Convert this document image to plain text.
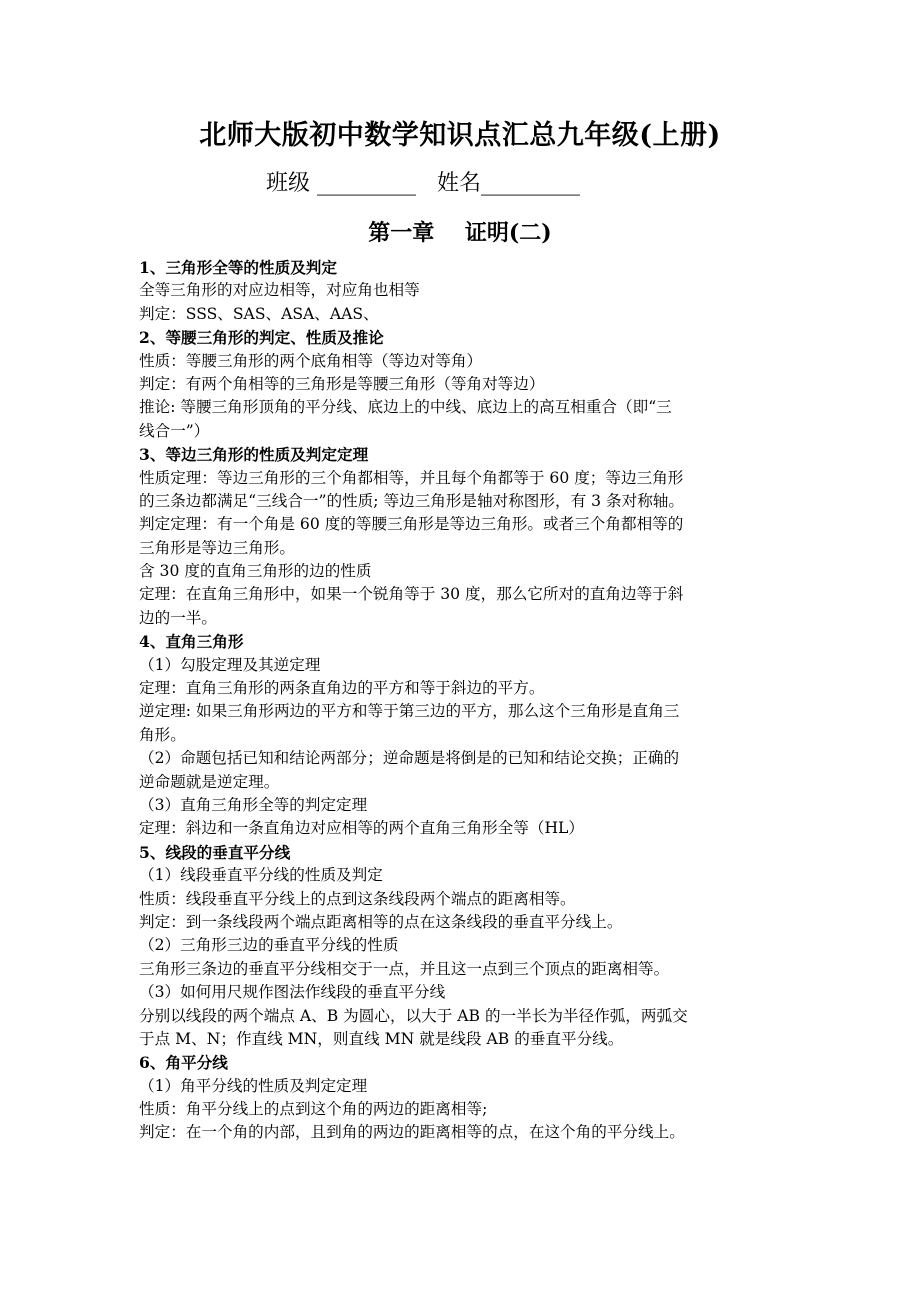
北师大版初中数学知识点汇总九年级(上册)
班级 _________   姓名_________
第一章    证明(二)
1、三角形全等的性质及判定
全等三角形的对应边相等，对应角也相等
判定：SSS、SAS、ASA、AAS、
2、等腰三角形的判定、性质及推论
性质：等腰三角形的两个底角相等（等边对等角）
判定：有两个角相等的三角形是等腰三角形（等角对等边）
推论: 等腰三角形顶角的平分线、底边上的中线、底边上的高互相重合（即“三
线合一”）
3、等边三角形的性质及判定定理
性质定理：等边三角形的三个角都相等，并且每个角都等于 60 度；等边三角形
的三条边都满足“三线合一”的性质; 等边三角形是轴对称图形，有 3 条对称轴。
判定定理：有一个角是 60 度的等腰三角形是等边三角形。或者三个角都相等的
三角形是等边三角形。
含 30 度的直角三角形的边的性质
定理：在直角三角形中，如果一个锐角等于 30 度，那么它所对的直角边等于斜
边的一半。
4、直角三角形
（1）勾股定理及其逆定理
定理：直角三角形的两条直角边的平方和等于斜边的平方。
逆定理: 如果三角形两边的平方和等于第三边的平方，那么这个三角形是直角三
角形。
（2）命题包括已知和结论两部分；逆命题是将倒是的已知和结论交换；正确的
逆命题就是逆定理。
（3）直角三角形全等的判定定理
定理：斜边和一条直角边对应相等的两个直角三角形全等（HL）
5、线段的垂直平分线
（1）线段垂直平分线的性质及判定
性质：线段垂直平分线上的点到这条线段两个端点的距离相等。
判定：到一条线段两个端点距离相等的点在这条线段的垂直平分线上。
（2）三角形三边的垂直平分线的性质
三角形三条边的垂直平分线相交于一点，并且这一点到三个顶点的距离相等。
（3）如何用尺规作图法作线段的垂直平分线
分别以线段的两个端点 A、B 为圆心，以大于 AB 的一半长为半径作弧，两弧交
于点 M、N；作直线 MN，则直线 MN 就是线段 AB 的垂直平分线。
6、角平分线
（1）角平分线的性质及判定定理
性质：角平分线上的点到这个角的两边的距离相等;
判定：在一个角的内部，且到角的两边的距离相等的点，在这个角的平分线上。
